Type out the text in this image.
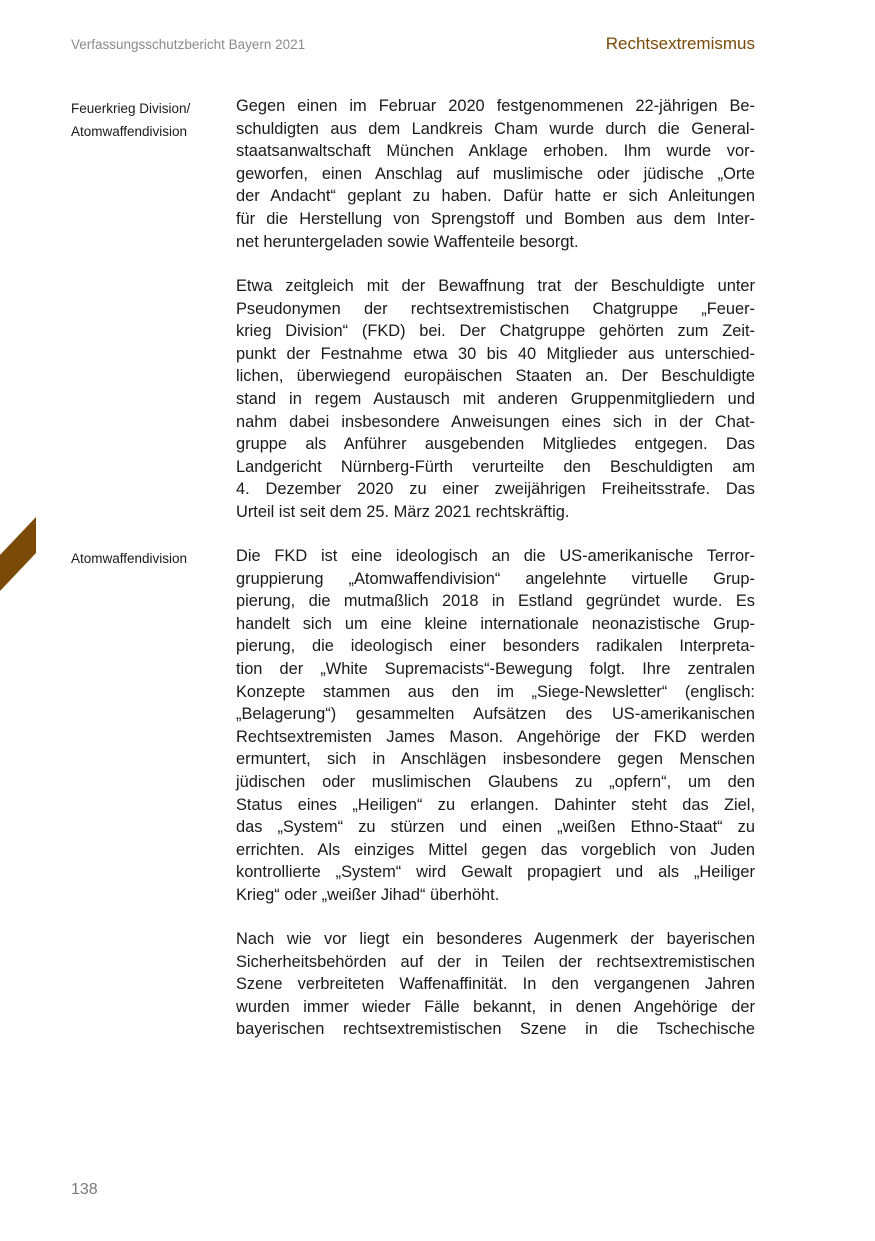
Verfassungsschutzbericht Bayern 2021	Rechtsextremismus
Feuerkrieg Division/
Atomwaffendivision
Gegen einen im Februar 2020 festgenommenen 22-jährigen Be-
schuldigten aus dem Landkreis Cham wurde durch die General-
staatsanwaltschaft München Anklage erhoben. Ihm wurde vor-
geworfen, einen Anschlag auf muslimische oder jüdische „Orte
der Andacht“ geplant zu haben. Dafür hatte er sich Anleitungen
für die Herstellung von Sprengstoff und Bomben aus dem Inter-
net heruntergeladen sowie Waffenteile besorgt.
Etwa zeitgleich mit der Bewaffnung trat der Beschuldigte unter
Pseudonymen der rechtsextremistischen Chatgruppe „Feuer-
krieg Division“ (FKD) bei. Der Chatgruppe gehörten zum Zeit-
punkt der Festnahme etwa 30 bis 40 Mitglieder aus unterschied-
lichen, überwiegend europäischen Staaten an. Der Beschuldigte
stand in regem Austausch mit anderen Gruppenmitgliedern und
nahm dabei insbesondere Anweisungen eines sich in der Chat-
gruppe als Anführer ausgebenden Mitgliedes entgegen. Das
Landgericht Nürnberg-Fürth verurteilte den Beschuldigten am
4. Dezember 2020 zu einer zweijährigen Freiheitsstrafe. Das
Urteil ist seit dem 25. März 2021 rechtskräftig.
Atomwaffendivision	Die FKD ist eine ideologisch an die US-amerikanische Terror-
gruppierung „Atomwaffendivision“ angelehnte virtuelle Grup-
pierung, die mutmaßlich 2018 in Estland gegründet wurde. Es
handelt sich um eine kleine internationale neonazistische Grup-
pierung, die ideologisch einer besonders radikalen Interpreta-
tion der „White Supremacists“-Bewegung folgt. Ihre zentralen
Konzepte stammen aus den im „Siege-Newsletter“ (englisch:
„Belagerung“) gesammelten Aufsätzen des US-amerikanischen
Rechtsextremisten James Mason. Angehörige der FKD werden
ermuntert, sich in Anschlägen insbesondere gegen Menschen
jüdischen oder muslimischen Glaubens zu „opfern“, um den
Status eines „Heiligen“ zu erlangen. Dahinter steht das Ziel,
das „System“ zu stürzen und einen „weißen Ethno-Staat“ zu
errichten. Als einziges Mittel gegen das vorgeblich von Juden
kontrollierte „System“ wird Gewalt propagiert und als „Heiliger
Krieg“ oder „weißer Jihad“ überhöht.
Nach wie vor liegt ein besonderes Augenmerk der bayerischen
Sicherheitsbehörden auf der in Teilen der rechtsextremistischen
Szene verbreiteten Waffenaffinität. In den vergangenen Jahren
wurden immer wieder Fälle bekannt, in denen Angehörige der
bayerischen rechtsextremistischen Szene in die Tschechische
138
